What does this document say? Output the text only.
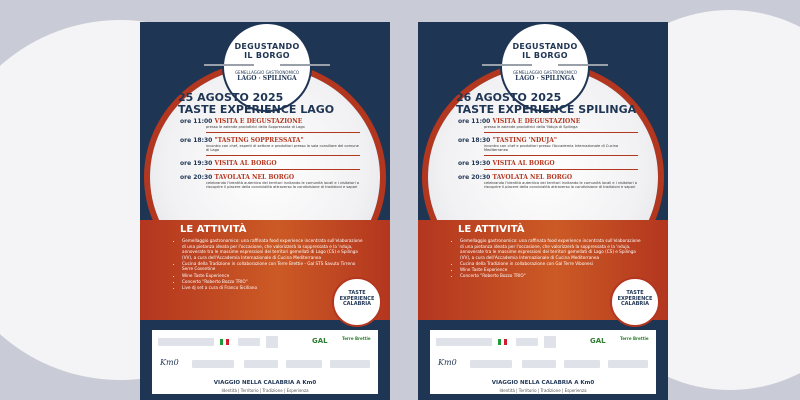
DEGUSTANDO
IL BORGO
GEMELLAGGIO GASTRONOMICO
LAGO · SPILINGA
25 AGOSTO 2025
TASTE EXPERIENCE LAGO
ore 11:00 VISITA E DEGUSTAZIONE
presso le aziende produttrici della Soppressata di Lago
ore 18:30 "TASTING SOPPRESSATA"
incontro con chef, esperti di settore e produttori presso la sala consiliare del comune di Lago
ore 19:30 VISITA AL BORGO
ore 20:30 TAVOLATA NEL BORGO
celebrando l'identità autentica dei territori invitando le comunità locali e i visitatori a riscoprire il piacere della convivialità attraverso la condivisione di tradizioni e sapori
LE ATTIVITÀ
• Gemellaggio gastronomico: una raffinata food experience incentrata sull'elaborazione di una pietanza ideata per l'occasione, che valorizzerà la soppressata e la 'nduja, annoverate tra le massime espressioni dei territori gemellati di Lago (CS) e Spilinga (VV), a cura dell'Accademia Internazionale di Cucina Mediterranea
• Cucina della Tradizione in collaborazione con Terre Brettie - Gal STS Savuto Tirreno Serre Cosentine
• Wine Taste Experience
• Concerto "Roberto Bozzo TRIO"
• Live dj set a cura di Franco Siciliano
TASTE
EXPERIENCE
CALABRIA
GAL	Terre Brettie
Km0
VIAGGIO NELLA CALABRIA A Km0
Identità | Territorio | Tradizione | Esperienza
DEGUSTANDO
IL BORGO
GEMELLAGGIO GASTRONOMICO
LAGO · SPILINGA
26 AGOSTO 2025
TASTE EXPERIENCE SPILINGA
ore 11:00 VISITA E DEGUSTAZIONE
presso le aziende produttrici della 'Nduja di Spilinga
ore 18:30 "TASTING 'NDUJA"
incontro con chef e produttori presso l'Accademia Internazionale di Cucina Mediterranea
ore 19:30 VISITA AL BORGO
ore 20:30 TAVOLATA NEL BORGO
celebrando l'identità autentica dei territori invitando le comunità locali e i visitatori a riscoprire il piacere della convivialità attraverso la condivisione di tradizioni e sapori
LE ATTIVITÀ
• Gemellaggio gastronomico: una raffinata food experience incentrata sull'elaborazione di una pietanza ideata per l'occasione, che valorizzerà la soppressata e la 'nduja, annoverate tra le massime espressioni dei territori gemellati di Lago (CS) e Spilinga (VV), a cura dell'Accademia Internazionale di Cucina Mediterranea
• Cucina della Tradizione in collaborazione con Gal Terre Vibonesi
• Wine Taste Experience
• Concerto "Roberto Bozzo TRIO"
TASTE
EXPERIENCE
CALABRIA
GAL	Terre Brettie
Km0
VIAGGIO NELLA CALABRIA A Km0
Identità | Territorio | Tradizione | Esperienza
